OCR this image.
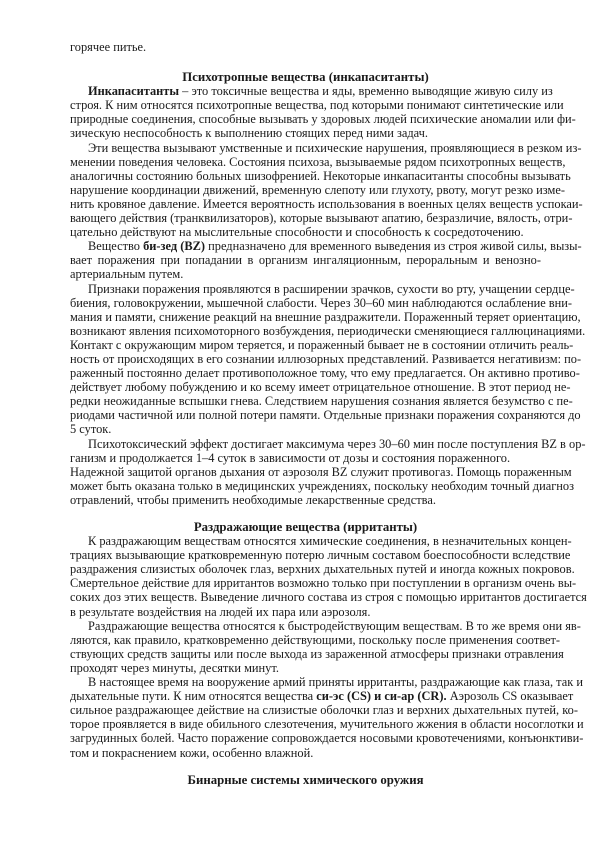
горячее питье.
Психотропные вещества (инкапаситанты)
Инкапаситанты – это токсичные вещества и яды, временно выводящие живую силу из
строя. К ним относятся психотропные вещества, под которыми понимают синтетические или
природные соединения, способные вызывать у здоровых людей психические аномалии или фи-
зическую неспособность к выполнению стоящих перед ними задач.
Эти вещества вызывают умственные и психические нарушения, проявляющиеся в резком из-
менении поведения человека. Состояния психоза, вызываемые рядом психотропных веществ,
аналогичны состоянию больных шизофренией. Некоторые инкапаситанты способны вызывать
нарушение координации движений, временную слепоту или глухоту, рвоту, могут резко изме-
нить кровяное давление. Имеется вероятность использования в военных целях веществ успокаи-
вающего действия (транквилизаторов), которые вызывают апатию, безразличие, вялость, отри-
цательно действуют на мыслительные способности и способность к сосредоточению.
Вещество би-зед (BZ) предназначено для временного выведения из строя живой силы, вызы-
вает поражения при попадании в организм ингаляционным, пероральным и венозно-
артериальным путем.
Признаки поражения проявляются в расширении зрачков, сухости во рту, учащении сердце-
биения, головокружении, мышечной слабости. Через 30–60 мин наблюдаются ослабление вни-
мания и памяти, снижение реакций на внешние раздражители. Пораженный теряет ориентацию,
возникают явления психомоторного возбуждения, периодически сменяющиеся галлюцинациями.
Контакт с окружающим миром теряется, и пораженный бывает не в состоянии отличить реаль-
ность от происходящих в его сознании иллюзорных представлений. Развивается негативизм: по-
раженный постоянно делает противоположное тому, что ему предлагается. Он активно противо-
действует любому побуждению и ко всему имеет отрицательное отношение. В этот период не-
редки неожиданные вспышки гнева. Следствием нарушения сознания является безумство с пе-
риодами частичной или полной потери памяти. Отдельные признаки поражения сохраняются до
5 суток.
Психотоксический эффект достигает максимума через 30–60 мин после поступления BZ в ор-
ганизм и продолжается 1–4 суток в зависимости от дозы и состояния пораженного.
Надежной защитой органов дыхания от аэрозоля BZ служит противогаз. Помощь пораженным
может быть оказана только в медицинских учреждениях, поскольку необходим точный диагноз
отравлений, чтобы применить необходимые лекарственные средства.
Раздражающие вещества (ирританты)
К раздражающим веществам относятся химические соединения, в незначительных концен-
трациях вызывающие кратковременную потерю личным составом боеспособности вследствие
раздражения слизистых оболочек глаз, верхних дыхательных путей и иногда кожных покровов.
Смертельное действие для ирритантов возможно только при поступлении в организм очень вы-
соких доз этих веществ. Выведение личного состава из строя с помощью ирритантов достигается
в результате воздействия на людей их пара или аэрозоля.
Раздражающие вещества относятся к быстродействующим веществам. В то же время они яв-
ляются, как правило, кратковременно действующими, поскольку после применения соответ-
ствующих средств защиты или после выхода из зараженной атмосферы признаки отравления
проходят через минуты, десятки минут.
В настоящее время на вооружение армий приняты ирританты, раздражающие как глаза, так и
дыхательные пути. К ним относятся вещества си-эс (CS) и си-ар (CR). Аэрозоль CS оказывает
сильное раздражающее действие на слизистые оболочки глаз и верхних дыхательных путей, ко-
торое проявляется в виде обильного слезотечения, мучительного жжения в области носоглотки и
загрудинных болей. Часто поражение сопровождается носовыми кровотечениями, конъюнктиви-
том и покраснением кожи, особенно влажной.
Бинарные системы химического оружия
